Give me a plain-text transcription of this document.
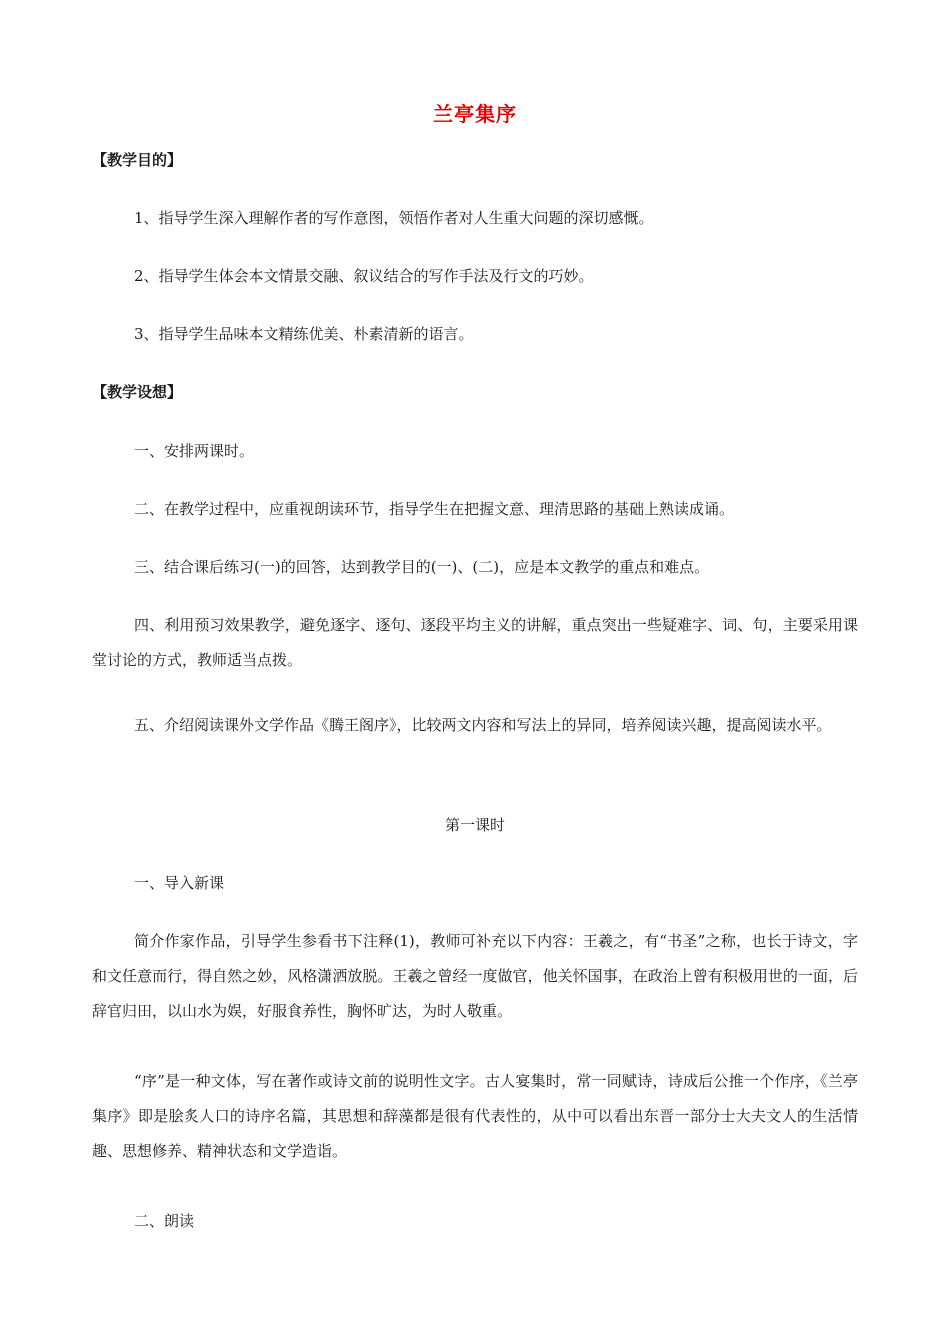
兰亭集序
【教学目的】
1、指导学生深入理解作者的写作意图，领悟作者对人生重大问题的深切感慨。
2、指导学生体会本文情景交融、叙议结合的写作手法及行文的巧妙。
3、指导学生品味本文精练优美、朴素清新的语言。
【教学设想】
一、安排两课时。
二、在教学过程中，应重视朗读环节，指导学生在把握文意、理清思路的基础上熟读成诵。
三、结合课后练习(一)的回答，达到教学目的(一)、(二)，应是本文教学的重点和难点。
四、利用预习效果教学，避免逐字、逐句、逐段平均主义的讲解，重点突出一些疑难字、词、句，主要采用课堂讨论的方式，教师适当点拨。
五、介绍阅读课外文学作品《腾王阁序》，比较两文内容和写法上的异同，培养阅读兴趣，提高阅读水平。
第一课时
一、导入新课
简介作家作品，引导学生参看书下注释(1)，教师可补充以下内容：王羲之，有“书圣”之称，也长于诗文，字和文任意而行，得自然之妙，风格潇洒放脱。王羲之曾经一度做官，他关怀国事，在政治上曾有积极用世的一面，后辞官归田，以山水为娱，好服食养性，胸怀旷达，为时人敬重。
“序”是一种文体，写在著作或诗文前的说明性文字。古人宴集时，常一同赋诗，诗成后公推一个作序，《兰亭集序》即是脍炙人口的诗序名篇，其思想和辞藻都是很有代表性的，从中可以看出东晋一部分士大夫文人的生活情趣、思想修养、精神状态和文学造诣。
二、朗读
